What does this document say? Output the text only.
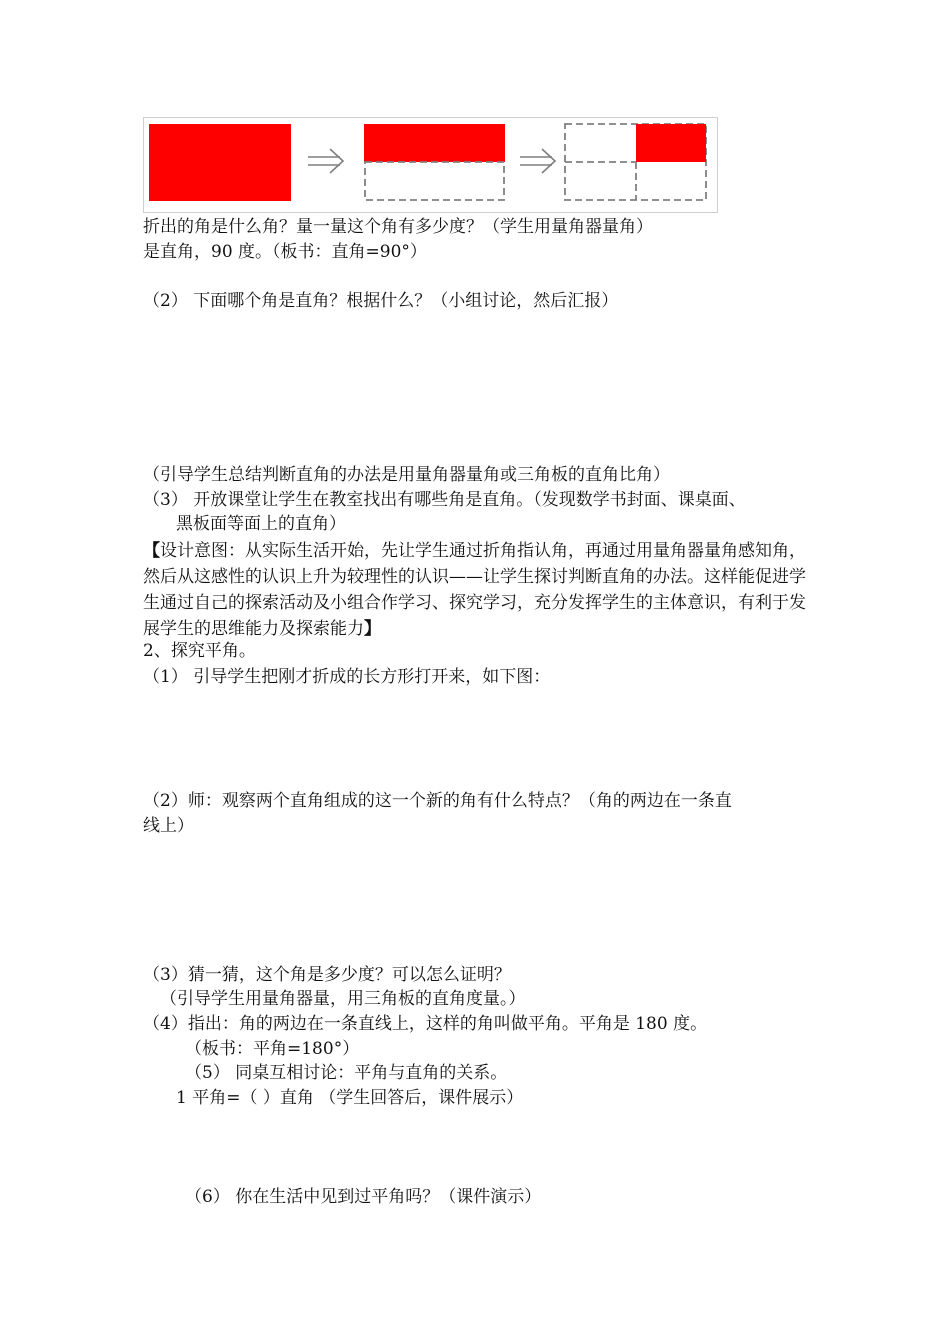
折出的角是什么角？量一量这个角有多少度？（学生用量角器量角）
是直角，90 度。（板书：直角=90°）
（2） 下面哪个角是直角？根据什么？（小组讨论，然后汇报）
（引导学生总结判断直角的办法是用量角器量角或三角板的直角比角）
（3） 开放课堂让学生在教室找出有哪些角是直角。（发现数学书封面、课桌面、
黑板面等面上的直角）
【设计意图：从实际生活开始，先让学生通过折角指认角，再通过用量角器量角感知角，然后从这感性的认识上升为较理性的认识——让学生探讨判断直角的办法。这样能促进学生通过自己的探索活动及小组合作学习、探究学习，充分发挥学生的主体意识，有利于发展学生的思维能力及探索能力】
2、探究平角。
（1） 引导学生把刚才折成的长方形打开来，如下图：
（2）师：观察两个直角组成的这一个新的角有什么特点？（角的两边在一条直
线上）
（3）猜一猜，这个角是多少度？可以怎么证明？
（引导学生用量角器量，用三角板的直角度量。）
（4）指出：角的两边在一条直线上，这样的角叫做平角。平角是 180 度。
（板书：平角=180°）
（5） 同桌互相讨论：平角与直角的关系。
1 平角=（ ）直角 （学生回答后，课件展示）
（6） 你在生活中见到过平角吗？（课件演示）
